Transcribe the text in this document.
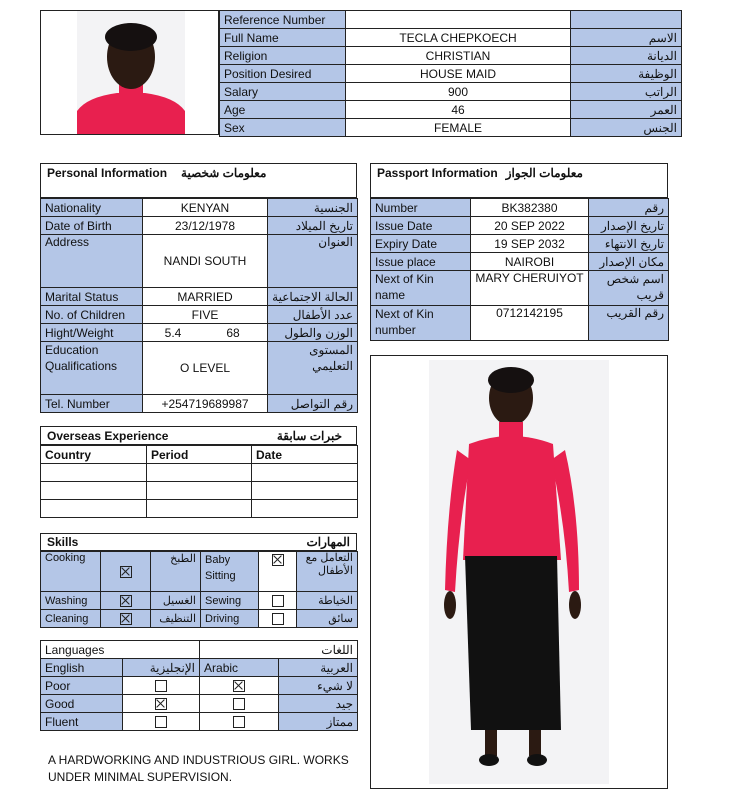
Reference Number		
Full Name	TECLA CHEPKOECH	الاسم
Religion	CHRISTIAN	الديانة
Position Desired	HOUSE MAID	الوظيفة
Salary	900	الراتب
Age	46	العمر
Sex	FEMALE	الجنس
Personal Information معلومات شخصية
Nationality	KENYAN	الجنسية
Date of Birth	23/12/1978	تاريخ الميلاد
Address	NANDI SOUTH	العنوان
Marital Status	MARRIED	الحالة الاجتماعية
No. of Children	FIVE	عدد الأطفال
Hight/Weight	5.4 68	الوزن والطول
Education Qualifications	O LEVEL	المستوى التعليمي
Tel. Number	+254719689987	رقم التواصل
Passport Information معلومات الجواز
Number	BK382380	رقم
Issue Date	20 SEP 2022	تاريخ الإصدار
Expiry Date	19 SEP 2032	تاريخ الانتهاء
Issue place	NAIROBI	مكان الإصدار
Next of Kin name	MARY CHERUIYOT	اسم شخص قريب
Next of Kin number	0712142195	رقم القريب
Overseas Experience	خبرات سابقة
Country	Period	Date

Skills	المهارات
Cooking		الطبخ	Baby Sitting		التعامل مع الأطفال
Washing		الغسيل	Sewing		الخياطة
Cleaning		التنظيف	Driving		سائق
Languages		اللغات	
English	الإنجليزية	Arabic	العربية
Poor			لا شيء
Good			جيد
Fluent			ممتاز
A HARDWORKING AND INDUSTRIOUS GIRL. WORKS UNDER MINIMAL SUPERVISION.
